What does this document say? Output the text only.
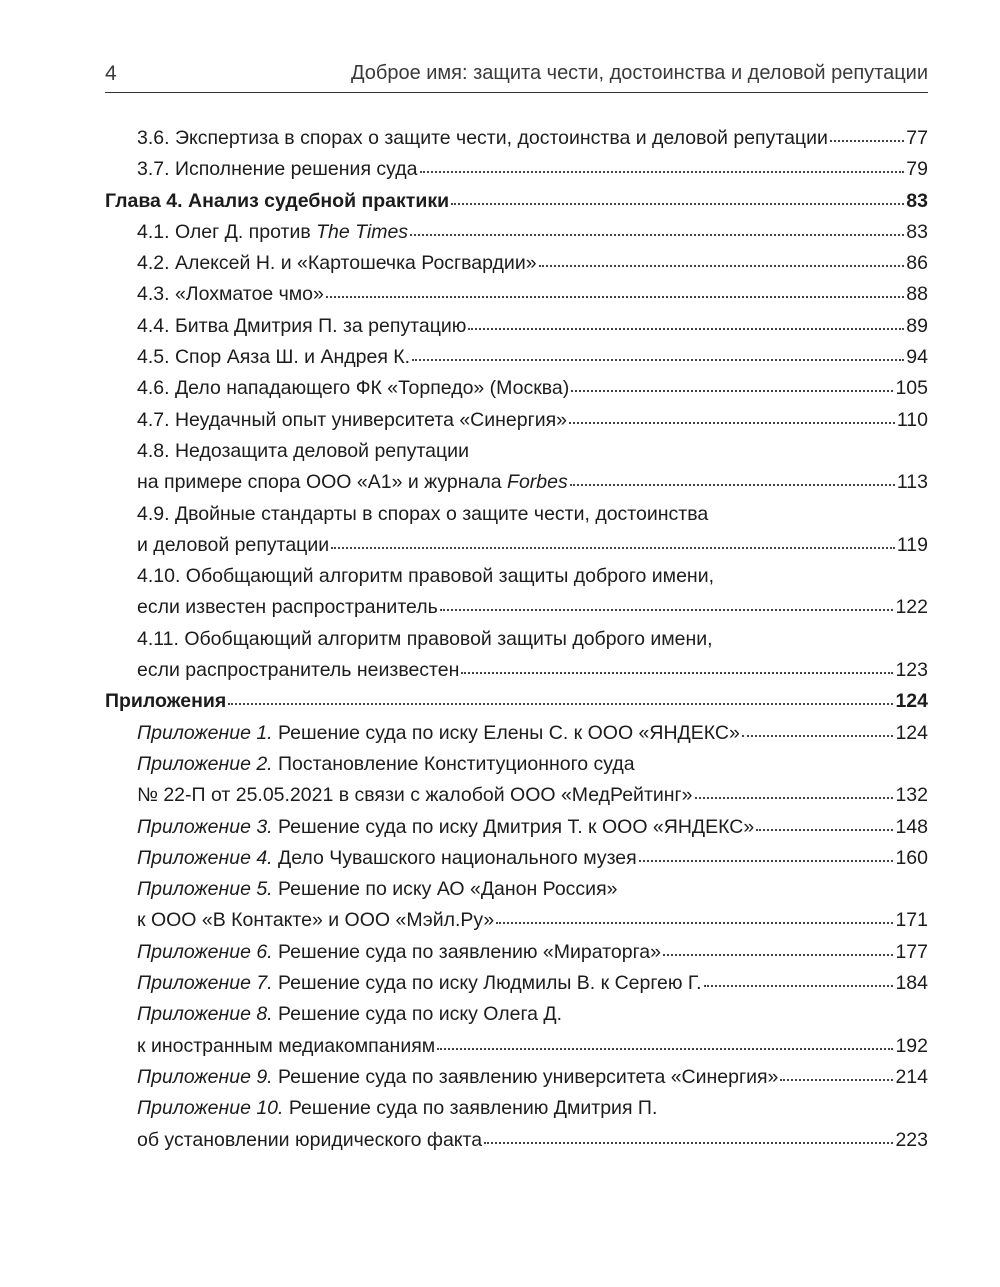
4	Доброе имя: защита чести, достоинства и деловой репутации
3.6. Экспертиза в спорах о защите чести, достоинства и деловой репутации	77
3.7. Исполнение решения суда	79
Глава 4. Анализ судебной практики	83
4.1. Олег Д. против The Times	83
4.2. Алексей Н. и «Картошечка Росгвардии»	86
4.3. «Лохматое чмо»	88
4.4. Битва Дмитрия П. за репутацию	89
4.5. Спор Аяза Ш. и Андрея К.	94
4.6. Дело нападающего ФК «Торпедо» (Москва)	105
4.7. Неудачный опыт университета «Синергия»	110
4.8. Недозащита деловой репутации
на примере спора ООО «А1» и журнала Forbes	113
4.9. Двойные стандарты в спорах о защите чести, достоинства
и деловой репутации	119
4.10. Обобщающий алгоритм правовой защиты доброго имени,
если известен распространитель	122
4.11. Обобщающий алгоритм правовой защиты доброго имени,
если распространитель неизвестен	123
Приложения	124
Приложение 1. Решение суда по иску Елены С. к ООО «ЯНДЕКС»	124
Приложение 2. Постановление Конституционного суда
№ 22-П от 25.05.2021 в связи с жалобой ООО «МедРейтинг»	132
Приложение 3. Решение суда по иску Дмитрия Т. к ООО «ЯНДЕКС»	148
Приложение 4. Дело Чувашского национального музея	160
Приложение 5. Решение по иску АО «Данон Россия»
к ООО «В Контакте» и ООО «Мэйл.Ру»	171
Приложение 6. Решение суда по заявлению «Мираторга»	177
Приложение 7. Решение суда по иску Людмилы В. к Сергею Г.	184
Приложение 8. Решение суда по иску Олега Д.
к иностранным медиакомпаниям	192
Приложение 9. Решение суда по заявлению университета «Синергия»	214
Приложение 10. Решение суда по заявлению Дмитрия П.
об установлении юридического факта	223
